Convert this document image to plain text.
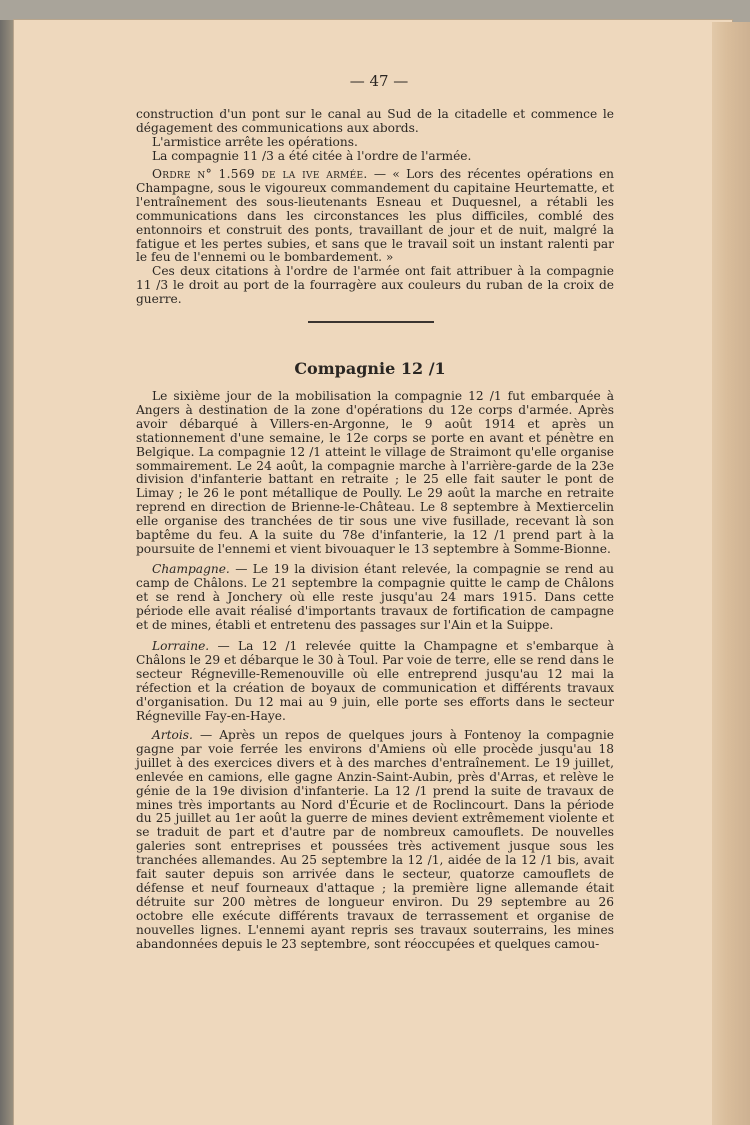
— 47 —

construction d'un pont sur le canal au Sud de la citadelle et commence le dégagement des communications aux abords.

L'armistice arrête les opérations.

La compagnie 11 /3 a été citée à l'ordre de l'armée.

Ordre n° 1.569 de la ive armée. — « Lors des récentes opérations en Champagne, sous le vigoureux commandement du capitaine Heurtematte, et l'entraînement des sous-lieutenants Esneau et Duquesnel, a rétabli les communications dans les circonstances les plus difficiles, comblé des entonnoirs et construit des ponts, travaillant de jour et de nuit, malgré la fatigue et les pertes subies, et sans que le travail soit un instant ralenti par le feu de l'ennemi ou le bombardement. »

Ces deux citations à l'ordre de l'armée ont fait attribuer à la compagnie 11 /3 le droit au port de la fourragère aux couleurs du ruban de la croix de guerre.

Compagnie 12 /1

Le sixième jour de la mobilisation la compagnie 12 /1 fut embarquée à Angers à destination de la zone d'opérations du 12e corps d'armée. Après avoir débarqué à Villers-en-Argonne, le 9 août 1914 et après un stationnement d'une semaine, le 12e corps se porte en avant et pénètre en Belgique. La compagnie 12 /1 atteint le village de Straimont qu'elle organise sommairement. Le 24 août, la compagnie marche à l'arrière-garde de la 23e division d'infanterie battant en retraite ; le 25 elle fait sauter le pont de Limay ; le 26 le pont métallique de Poully. Le 29 août la marche en retraite reprend en direction de Brienne-le-Château. Le 8 septembre à Mextiercelin elle organise des tranchées de tir sous une vive fusillade, recevant là son baptême du feu. A la suite du 78e d'infanterie, la 12 /1 prend part à la poursuite de l'ennemi et vient bivouaquer le 13 septembre à Somme-Bionne.

Champagne. — Le 19 la division étant relevée, la compagnie se rend au camp de Châlons. Le 21 septembre la compagnie quitte le camp de Châlons et se rend à Jonchery où elle reste jusqu'au 24 mars 1915. Dans cette période elle avait réalisé d'importants travaux de fortification de campagne et de mines, établi et entretenu des passages sur l'Ain et la Suippe.

Lorraine. — La 12 /1 relevée quitte la Champagne et s'embarque à Châlons le 29 et débarque le 30 à Toul. Par voie de terre, elle se rend dans le secteur Régneville-Remenouville où elle entreprend jusqu'au 12 mai la réfection et la création de boyaux de communication et différents travaux d'organisation. Du 12 mai au 9 juin, elle porte ses efforts dans le secteur Régneville Fay-en-Haye.

Artois. — Après un repos de quelques jours à Fontenoy la compagnie gagne par voie ferrée les environs d'Amiens où elle procède jusqu'au 18 juillet à des exercices divers et à des marches d'entraînement. Le 19 juillet, enlevée en camions, elle gagne Anzin-Saint-Aubin, près d'Arras, et relève le génie de la 19e division d'infanterie. La 12 /1 prend la suite de travaux de mines très importants au Nord d'Écurie et de Roclincourt. Dans la période du 25 juillet au 1er août la guerre de mines devient extrêmement violente et se traduit de part et d'autre par de nombreux camouflets. De nouvelles galeries sont entreprises et poussées très activement jusque sous les tranchées allemandes. Au 25 septembre la 12 /1, aidée de la 12 /1 bis, avait fait sauter depuis son arrivée dans le secteur, quatorze camouflets de défense et neuf fourneaux d'attaque ; la première ligne allemande était détruite sur 200 mètres de longueur environ. Du 29 septembre au 26 octobre elle exécute différents travaux de terrassement et organise de nouvelles lignes. L'ennemi ayant repris ses travaux souterrains, les mines abandonnées depuis le 23 septembre, sont réoccupées et quelques camou-
